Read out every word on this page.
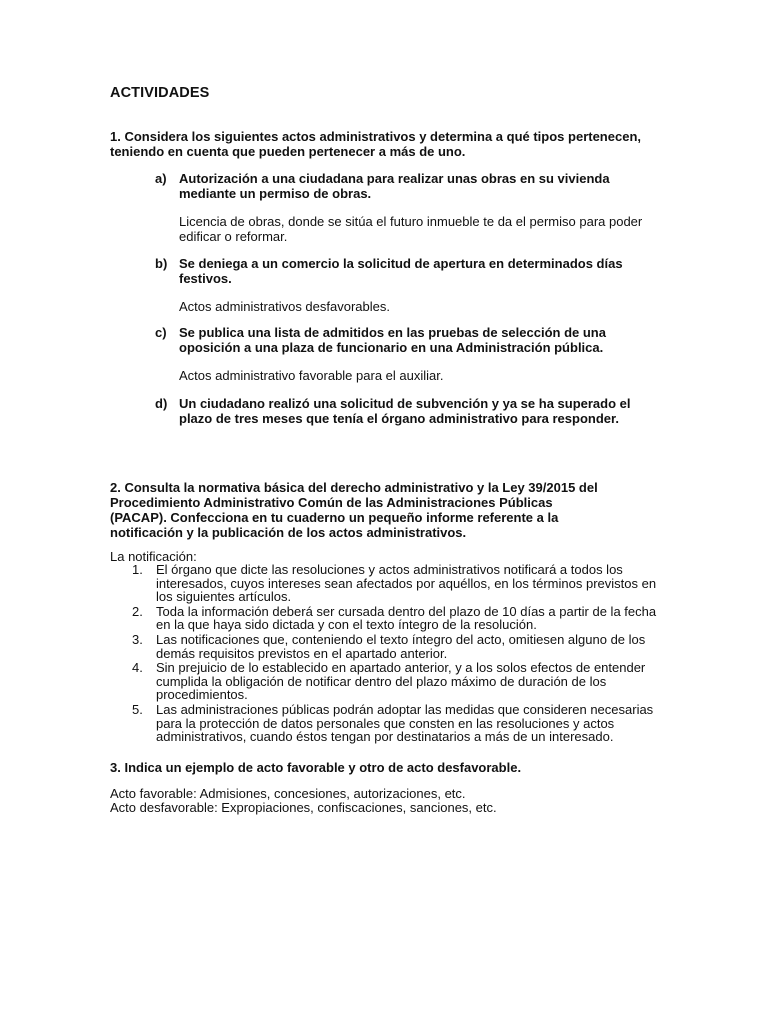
ACTIVIDADES
1. Considera los siguientes actos administrativos y determina a qué tipos pertenecen, teniendo en cuenta que pueden pertenecer a más de uno.
a) Autorización a una ciudadana para realizar unas obras en su vivienda mediante un permiso de obras.
Licencia de obras, donde se sitúa el futuro inmueble te da el permiso para poder edificar o reformar.
b) Se deniega a un comercio la solicitud de apertura en determinados días festivos.
Actos administrativos desfavorables.
c) Se publica una lista de admitidos en las pruebas de selección de una oposición a una plaza de funcionario en una Administración pública.
Actos administrativo favorable para el auxiliar.
d) Un ciudadano realizó una solicitud de subvención y ya se ha superado el plazo de tres meses que tenía el órgano administrativo para responder.
2. Consulta la normativa básica del derecho administrativo y la Ley 39/2015 del Procedimiento Administrativo Común de las Administraciones Públicas (PACAP). Confecciona en tu cuaderno un pequeño informe referente a la notificación y la publicación de los actos administrativos.
La notificación:
1. El órgano que dicte las resoluciones y actos administrativos notificará a todos los interesados, cuyos intereses sean afectados por aquéllos, en los términos previstos en los siguientes artículos.
2. Toda la información deberá ser cursada dentro del plazo de 10 días a partir de la fecha en la que haya sido dictada y con el texto íntegro de la resolución.
3. Las notificaciones que, conteniendo el texto íntegro del acto, omitiesen alguno de los demás requisitos previstos en el apartado anterior.
4. Sin prejuicio de lo establecido en apartado anterior, y a los solos efectos de entender cumplida la obligación de notificar dentro del plazo máximo de duración de los procedimientos.
5. Las administraciones públicas podrán adoptar las medidas que consideren necesarias para la protección de datos personales que consten en las resoluciones y actos administrativos, cuando éstos tengan por destinatarios a más de un interesado.
3. Indica un ejemplo de acto favorable y otro de acto desfavorable.
Acto favorable: Admisiones, concesiones, autorizaciones, etc.
Acto desfavorable: Expropiaciones, confiscaciones, sanciones, etc.
